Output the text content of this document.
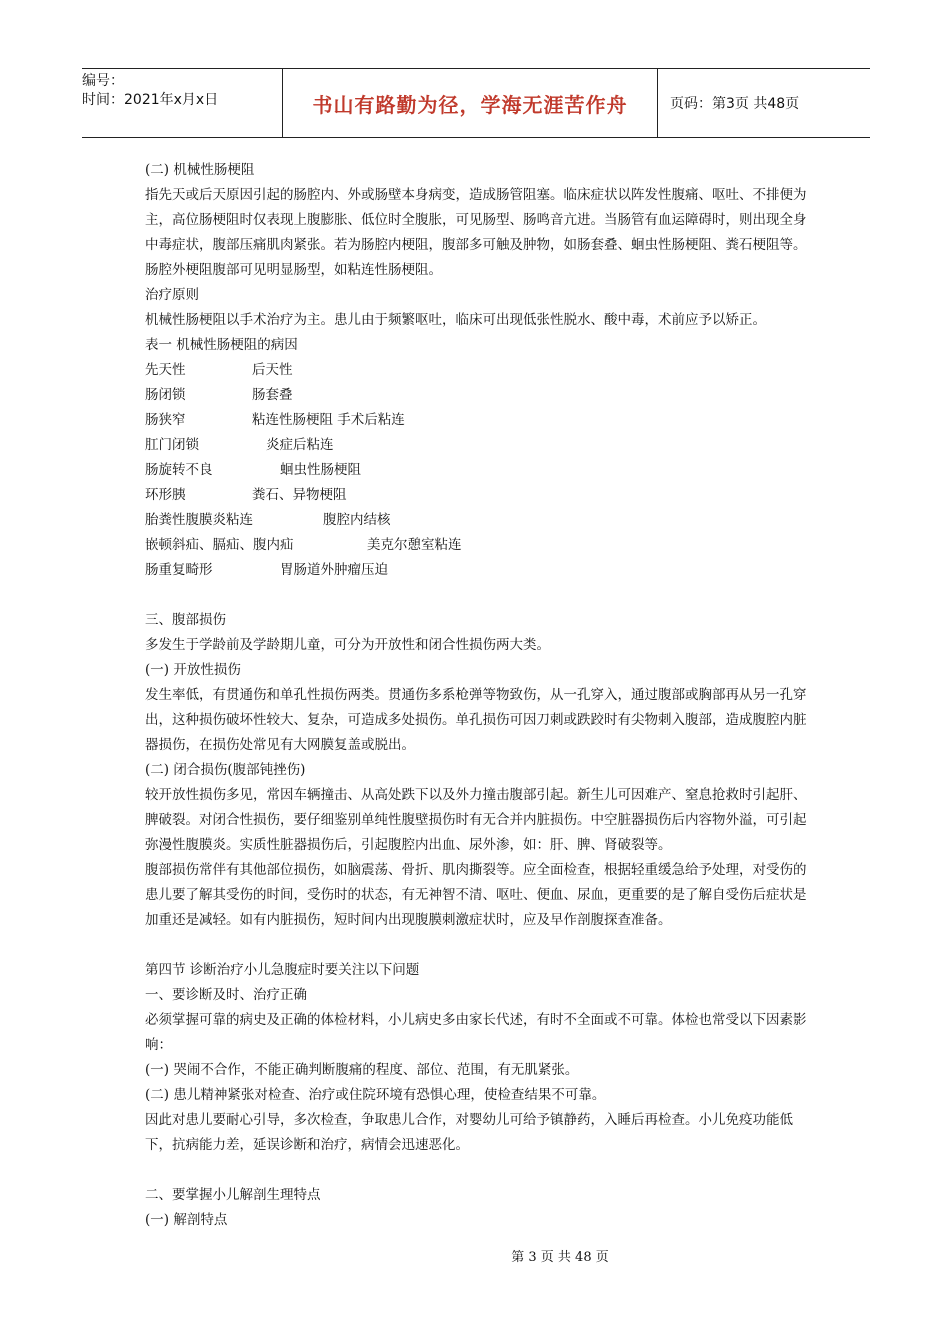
编号：
时间：2021年x月x日	书山有路勤为径，学海无涯苦作舟	页码：第3页 共48页

(二) 机械性肠梗阻

指先天或后天原因引起的肠腔内、外或肠壁本身病变，造成肠管阻塞。临床症状以阵发性腹痛、呕吐、不排便为主，高位肠梗阻时仅表现上腹膨胀、低位时全腹胀，可见肠型、肠鸣音亢进。当肠管有血运障碍时，则出现全身中毒症状，腹部压痛肌肉紧张。若为肠腔内梗阻，腹部多可触及肿物，如肠套叠、蛔虫性肠梗阻、粪石梗阻等。肠腔外梗阻腹部可见明显肠型，如粘连性肠梗阻。

治疗原则

机械性肠梗阻以手术治疗为主。患儿由于频繁呕吐，临床可出现低张性脱水、酸中毒，术前应予以矫正。

表一 机械性肠梗阻的病因

先天性	后天性
肠闭锁	肠套叠
肠狭窄	粘连性肠梗阻 手术后粘连
肛门闭锁	炎症后粘连
肠旋转不良	蛔虫性肠梗阻
环形胰	粪石、异物梗阻
胎粪性腹膜炎粘连	腹腔内结核
嵌顿斜疝、膈疝、腹内疝	美克尔憩室粘连
肠重复畸形	胃肠道外肿瘤压迫

三、腹部损伤

多发生于学龄前及学龄期儿童，可分为开放性和闭合性损伤两大类。

(一) 开放性损伤

发生率低，有贯通伤和单孔性损伤两类。贯通伤多系枪弹等物致伤，从一孔穿入，通过腹部或胸部再从另一孔穿出，这种损伤破坏性较大、复杂，可造成多处损伤。单孔损伤可因刀刺或跌跤时有尖物刺入腹部，造成腹腔内脏器损伤，在损伤处常见有大网膜复盖或脱出。

(二) 闭合损伤(腹部钝挫伤)

较开放性损伤多见，常因车辆撞击、从高处跌下以及外力撞击腹部引起。新生儿可因难产、窒息抢救时引起肝、脾破裂。对闭合性损伤，要仔细鉴别单纯性腹壁损伤时有无合并内脏损伤。中空脏器损伤后内容物外溢，可引起弥漫性腹膜炎。实质性脏器损伤后，引起腹腔内出血、尿外渗，如：肝、脾、肾破裂等。

腹部损伤常伴有其他部位损伤，如脑震荡、骨折、肌肉撕裂等。应全面检查，根据轻重缓急给予处理，对受伤的患儿要了解其受伤的时间，受伤时的状态，有无神智不清、呕吐、便血、尿血，更重要的是了解自受伤后症状是加重还是减轻。如有内脏损伤，短时间内出现腹膜刺激症状时，应及早作剖腹探查准备。

第四节 诊断治疗小儿急腹症时要关注以下问题

一、要诊断及时、治疗正确

必须掌握可靠的病史及正确的体检材料，小儿病史多由家长代述，有时不全面或不可靠。体检也常受以下因素影响：

(一) 哭闹不合作，不能正确判断腹痛的程度、部位、范围，有无肌紧张。

(二) 患儿精神紧张对检查、治疗或住院环境有恐惧心理，使检查结果不可靠。

因此对患儿要耐心引导，多次检查，争取患儿合作，对婴幼儿可给予镇静药，入睡后再检查。小儿免疫功能低下，抗病能力差，延误诊断和治疗，病情会迅速恶化。

二、要掌握小儿解剖生理特点

(一) 解剖特点

第 3 页 共 48 页
